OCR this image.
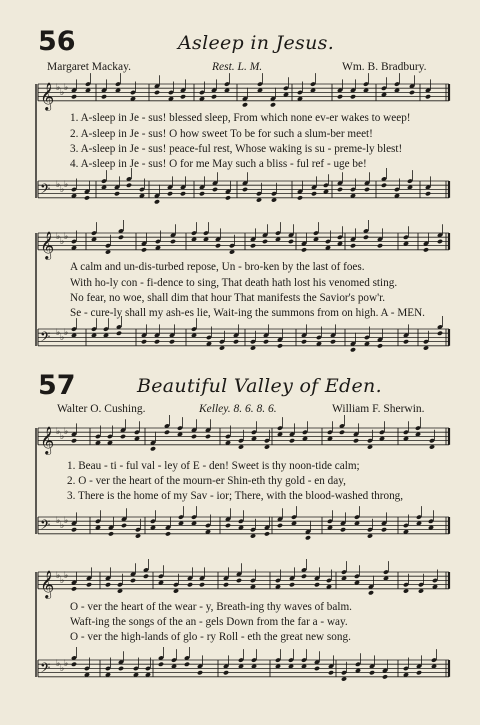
56	Asleep in Jesus.
Margaret Mackay.	Rest. L. M.	Wm. B. Bradbury.
1. A-sleep in Je - sus! blessed sleep, From which none ev-er wakes to weep!
2. A-sleep in Je - sus! O how sweet To be for such a slum-ber meet!
3. A-sleep in Je - sus! peace-ful rest, Whose waking is su - preme-ly blest!
4. A-sleep in Je - sus! O for me May such a bliss - ful ref - uge be!
A calm and un-dis-turbed repose, Un - bro-ken by the last of foes.
With ho-ly con - fi-dence to sing, That death hath lost his venomed sting.
No fear, no woe, shall dim that hour That manifests the Savior's pow'r.
Se - cure-ly shall my ash-es lie, Wait-ing the summons from on high. A - MEN.
57	Beautiful Valley of Eden.
Walter O. Cushing.	Kelley. 8. 6. 8. 6.	William F. Sherwin.
1. Beau - ti - ful val - ley of E - den! Sweet is thy noon-tide calm;
2. O - ver the heart of the mourn-er Shin-eth thy gold - en day,
3. There is the home of my Sav - ior; There, with the blood-washed throng,
O - ver the heart of the wear - y, Breath-ing thy waves of balm.
Waft-ing the songs of the an - gels Down from the far a - way.
O - ver the high-lands of glo - ry Roll - eth the great new song.
𝄞 ♭ ♭ ♭
𝄢 ♭ ♭ ♭
𝄞 ♭ ♭ ♭
𝄢 ♭ ♭ ♭
𝄞 ♭ ♭ ♭
𝄢 ♭ ♭ ♭
𝄞 ♭ ♭ ♭
𝄢 ♭ ♭ ♭
